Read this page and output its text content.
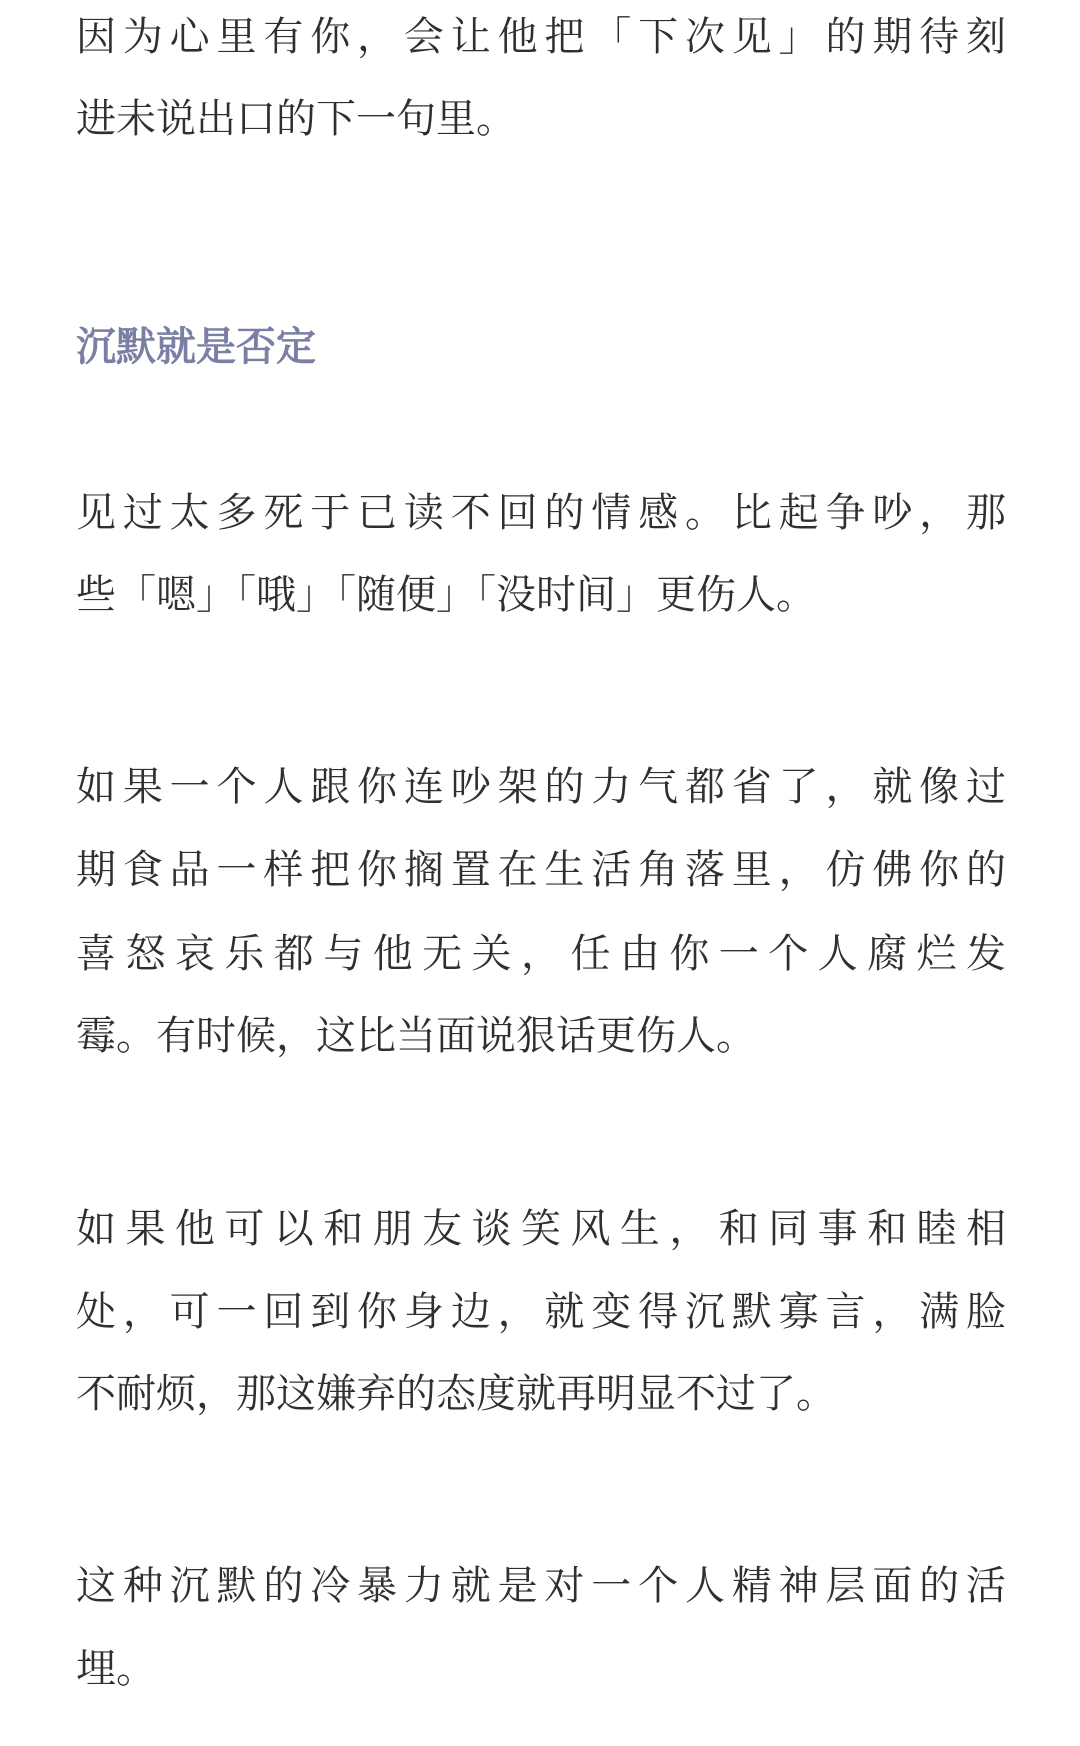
因为心里有你，会让他把「下次见」的期待刻
进未说出口的下一句里。
沉默就是否定
见过太多死于已读不回的情感。比起争吵，那
些「嗯」「哦」「随便」「没时间」更伤人。
如果一个人跟你连吵架的力气都省了，就像过
期食品一样把你搁置在生活角落里，仿佛你的
喜怒哀乐都与他无关，任由你一个人腐烂发
霉。有时候，这比当面说狠话更伤人。
如果他可以和朋友谈笑风生，和同事和睦相
处，可一回到你身边，就变得沉默寡言，满脸
不耐烦，那这嫌弃的态度就再明显不过了。
这种沉默的冷暴力就是对一个人精神层面的活
埋。
